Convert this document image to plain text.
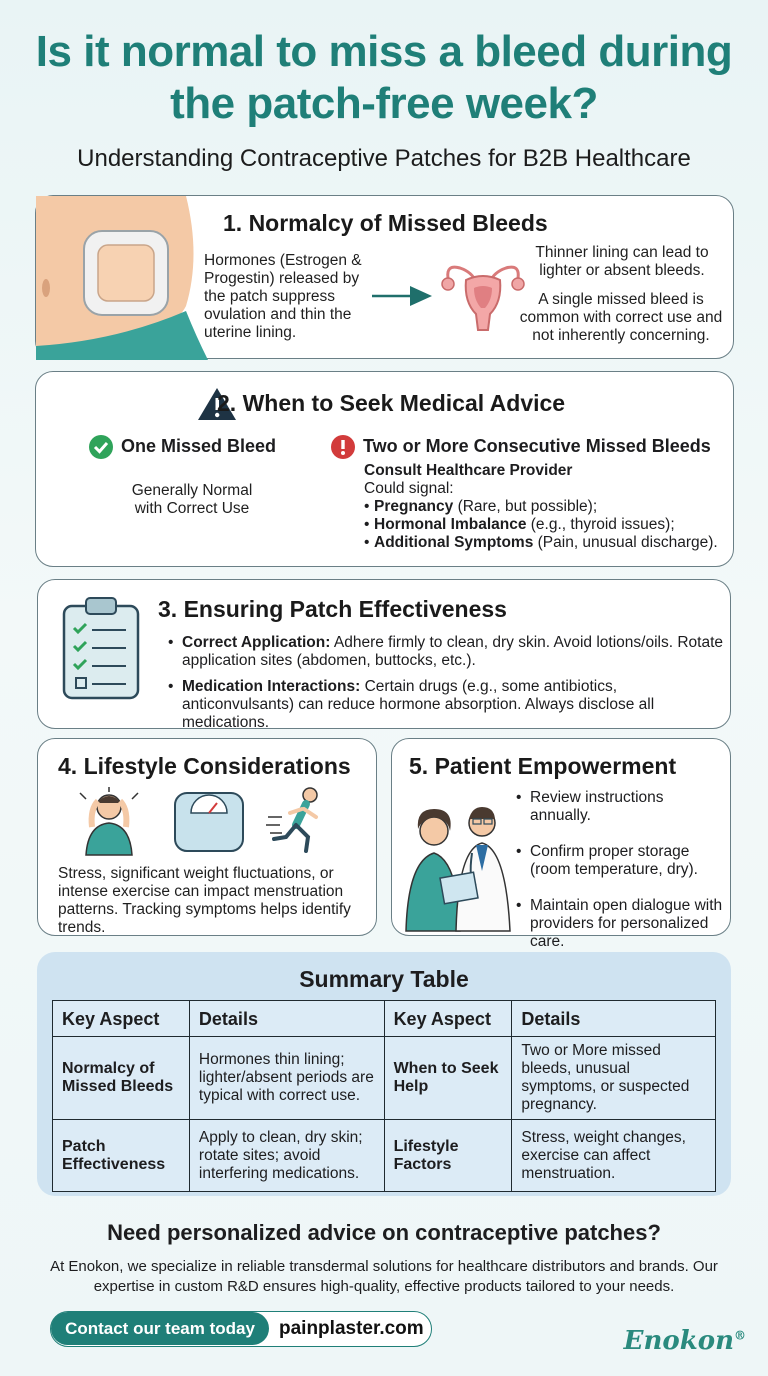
Is it normal to miss a bleed during the patch-free week?
Understanding Contraceptive Patches for B2B Healthcare
1. Normalcy of Missed Bleeds
Hormones (Estrogen & Progestin) released by the patch suppress ovulation and thin the uterine lining.
Thinner lining can lead to lighter or absent bleeds.
A single missed bleed is common with correct use and not inherently concerning.
2. When to Seek Medical Advice
One Missed Bleed
Generally Normal with Correct Use
Two or More Consecutive Missed Bleeds
Consult Healthcare Provider
Could signal:
• Pregnancy (Rare, but possible);
• Hormonal Imbalance (e.g., thyroid issues);
• Additional Symptoms (Pain, unusual discharge).
3. Ensuring Patch Effectiveness
• Correct Application: Adhere firmly to clean, dry skin. Avoid lotions/oils. Rotate application sites (abdomen, buttocks, etc.).
• Medication Interactions: Certain drugs (e.g., some antibiotics, anticonvulsants) can reduce hormone absorption. Always disclose all medications.
4. Lifestyle Considerations
Stress, significant weight fluctuations, or intense exercise can impact menstruation patterns. Tracking symptoms helps identify trends.
5. Patient Empowerment
• Review instructions annually.
• Confirm proper storage (room temperature, dry).
• Maintain open dialogue with providers for personalized care.
Summary Table
Key Aspect	Details	Key Aspect	Details
Normalcy of Missed Bleeds	Hormones thin lining; lighter/absent periods are typical with correct use.	When to Seek Help	Two or More missed bleeds, unusual symptoms, or suspected pregnancy.
Patch Effectiveness	Apply to clean, dry skin; rotate sites; avoid interfering medications.	Lifestyle Factors	Stress, weight changes, exercise can affect menstruation.
Need personalized advice on contraceptive patches?
At Enokon, we specialize in reliable transdermal solutions for healthcare distributors and brands. Our expertise in custom R&D ensures high-quality, effective products tailored to your needs.
Contact our team today	painplaster.com	Enokon®
